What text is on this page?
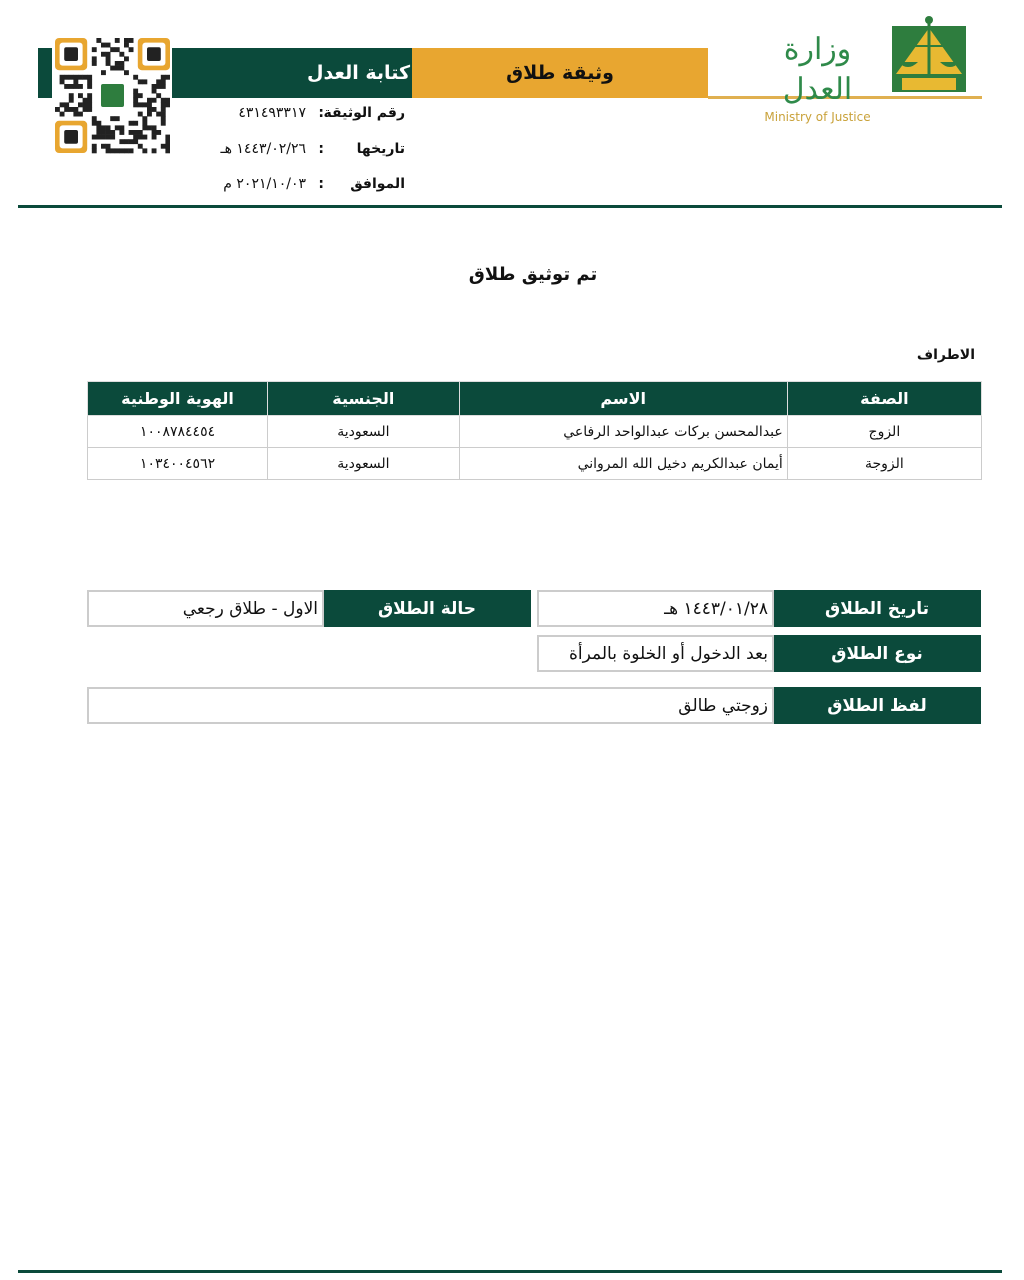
كتابة العدل	وثيقة طلاق
وزارة العدل
Ministry of Justice
رقم الوثيقة
:
٤٣١٤٩٣٣١٧
تاريخها
:
١٤٤٣/٠٢/٢٦ هـ
الموافق
:
٢٠٢١/١٠/٠٣ م
تم توثيق طلاق
الاطراف
الصفة	الاسم	الجنسية	الهوية الوطنية
الزوج	عبدالمحسن بركات عبدالواحد الرفاعي	السعودية	١٠٠٨٧٨٤٤٥٤
الزوجة	أيمان عبدالكريم دخيل الله المرواني	السعودية	١٠٣٤٠٠٤٥٦٢
تاريخ الطلاق
١٤٤٣/٠١/٢٨ هـ
حالة الطلاق
الاول - طلاق رجعي
نوع الطلاق
بعد الدخول أو الخلوة بالمرأة
لفظ الطلاق
زوجتي طالق
